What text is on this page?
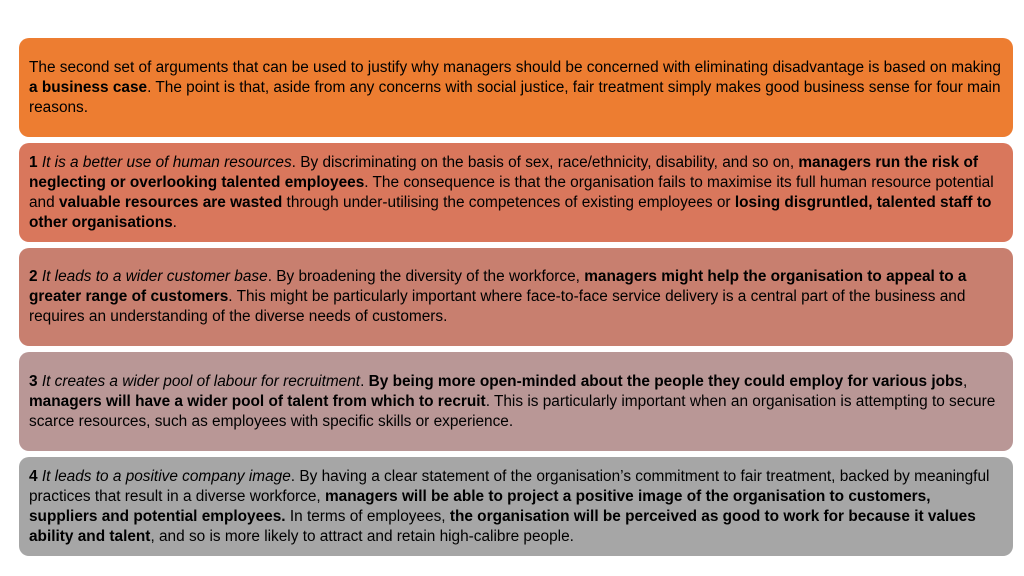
The second set of arguments that can be used to justify why managers should be concerned with eliminating disadvantage is based on making a business case. The point is that, aside from any concerns with social justice, fair treatment simply makes good business sense for four main reasons.

1 It is a better use of human resources. By discriminating on the basis of sex, race/ethnicity, disability, and so on, managers run the risk of neglecting or overlooking talented employees. The consequence is that the organisation fails to maximise its full human resource potential and valuable resources are wasted through under-utilising the competences of existing employees or losing disgruntled, talented staff to other organisations.

2 It leads to a wider customer base. By broadening the diversity of the workforce, managers might help the organisation to appeal to a greater range of customers. This might be particularly important where face-to-face service delivery is a central part of the business and requires an understanding of the diverse needs of customers.

3 It creates a wider pool of labour for recruitment. By being more open-minded about the people they could employ for various jobs, managers will have a wider pool of talent from which to recruit. This is particularly important when an organisation is attempting to secure scarce resources, such as employees with specific skills or experience.

4 It leads to a positive company image. By having a clear statement of the organisation’s commitment to fair treatment, backed by meaningful practices that result in a diverse workforce, managers will be able to project a positive image of the organisation to customers, suppliers and potential employees. In terms of employees, the organisation will be perceived as good to work for because it values ability and talent, and so is more likely to attract and retain high-calibre people.
